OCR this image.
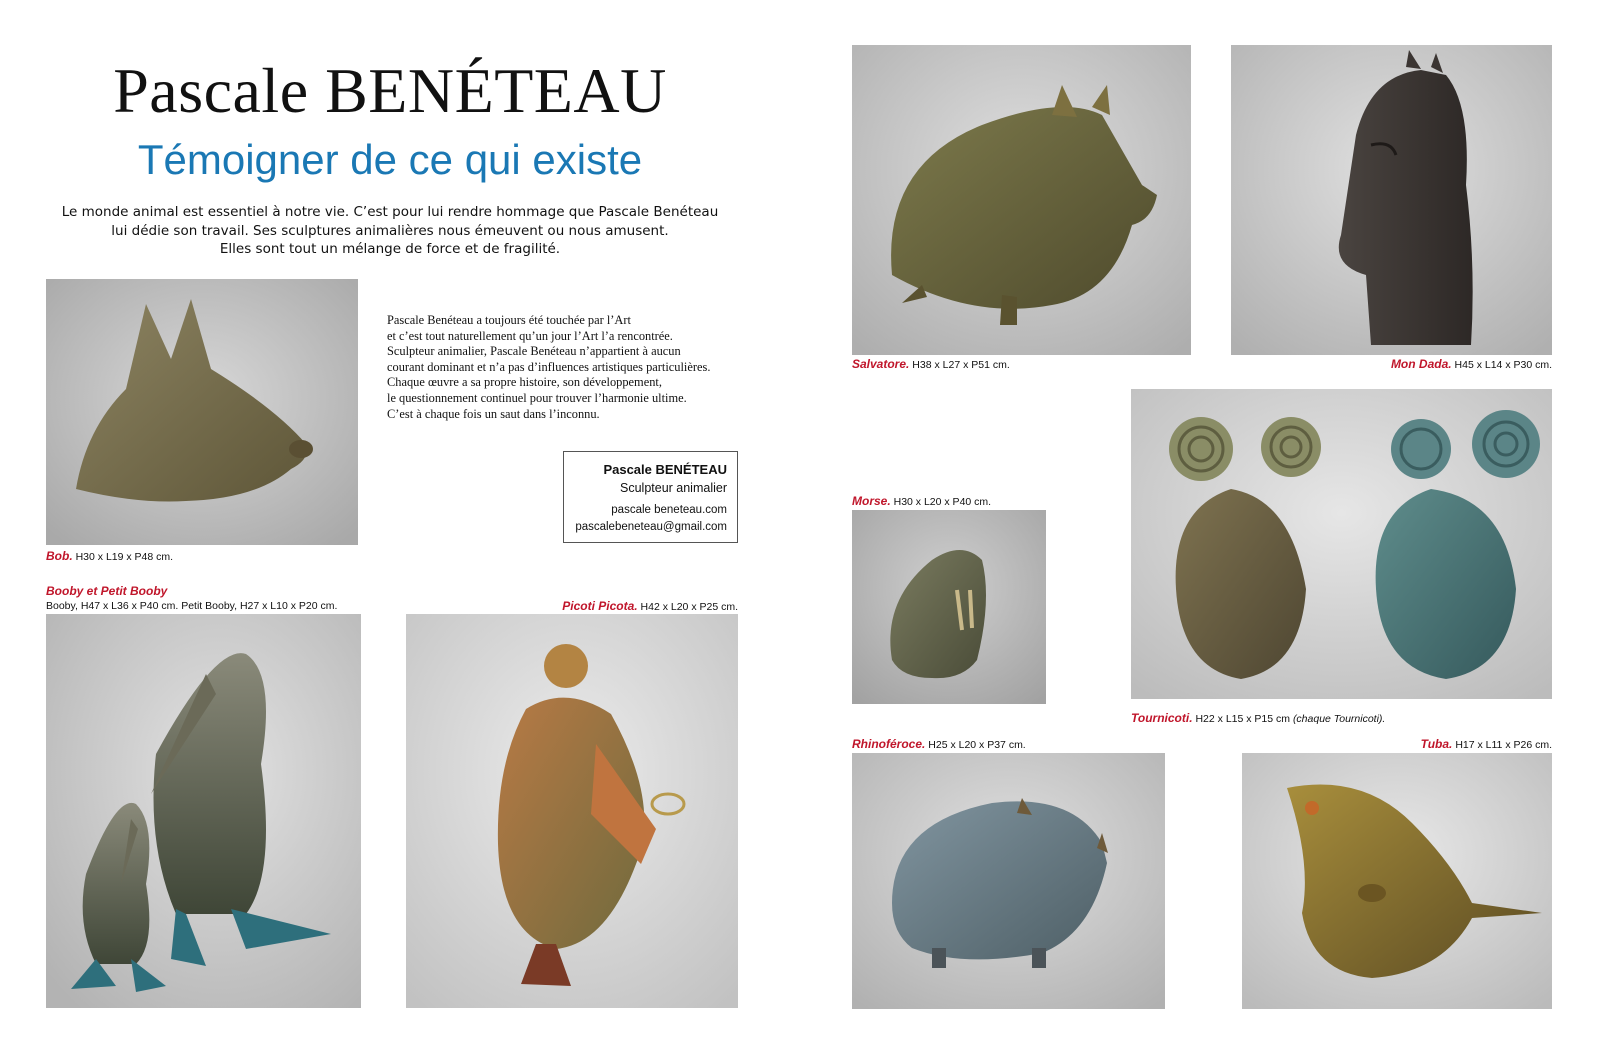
Pascale BENÉTEAU
Témoigner de ce qui existe
Le monde animal est essentiel à notre vie. C’est pour lui rendre hommage que Pascale Benéteau
lui dédie son travail. Ses sculptures animalières nous émeuvent ou nous amusent.
Elles sont tout un mélange de force et de fragilité.
Bob. H30 x L19 x P48 cm.
Pascale Benéteau a toujours été touchée par l’Art
et c’est tout naturellement qu’un jour l’Art l’a rencontrée.
Sculpteur animalier, Pascale Benéteau n’appartient à aucun
courant dominant et n’a pas d’influences artistiques particulières.
Chaque œuvre a sa propre histoire, son développement,
le questionnement continuel pour trouver l’harmonie ultime.
C’est à chaque fois un saut dans l’inconnu.
Pascale BENÉTEAU
Sculpteur animalier
pascale beneteau.com
pascalebeneteau@gmail.com
Booby et Petit Booby
Booby, H47 x L36 x P40 cm. Petit Booby, H27 x L10 x P20 cm.	Picoti Picota. H42 x L20 x P25 cm.
Salvatore. H38 x L27 x P51 cm.	Mon Dada. H45 x L14 x P30 cm.
Morse. H30 x L20 x P40 cm.
Tournicoti. H22 x L15 x P15 cm (chaque Tournicoti).
Rhinoféroce. H25 x L20 x P37 cm.	Tuba. H17 x L11 x P26 cm.
